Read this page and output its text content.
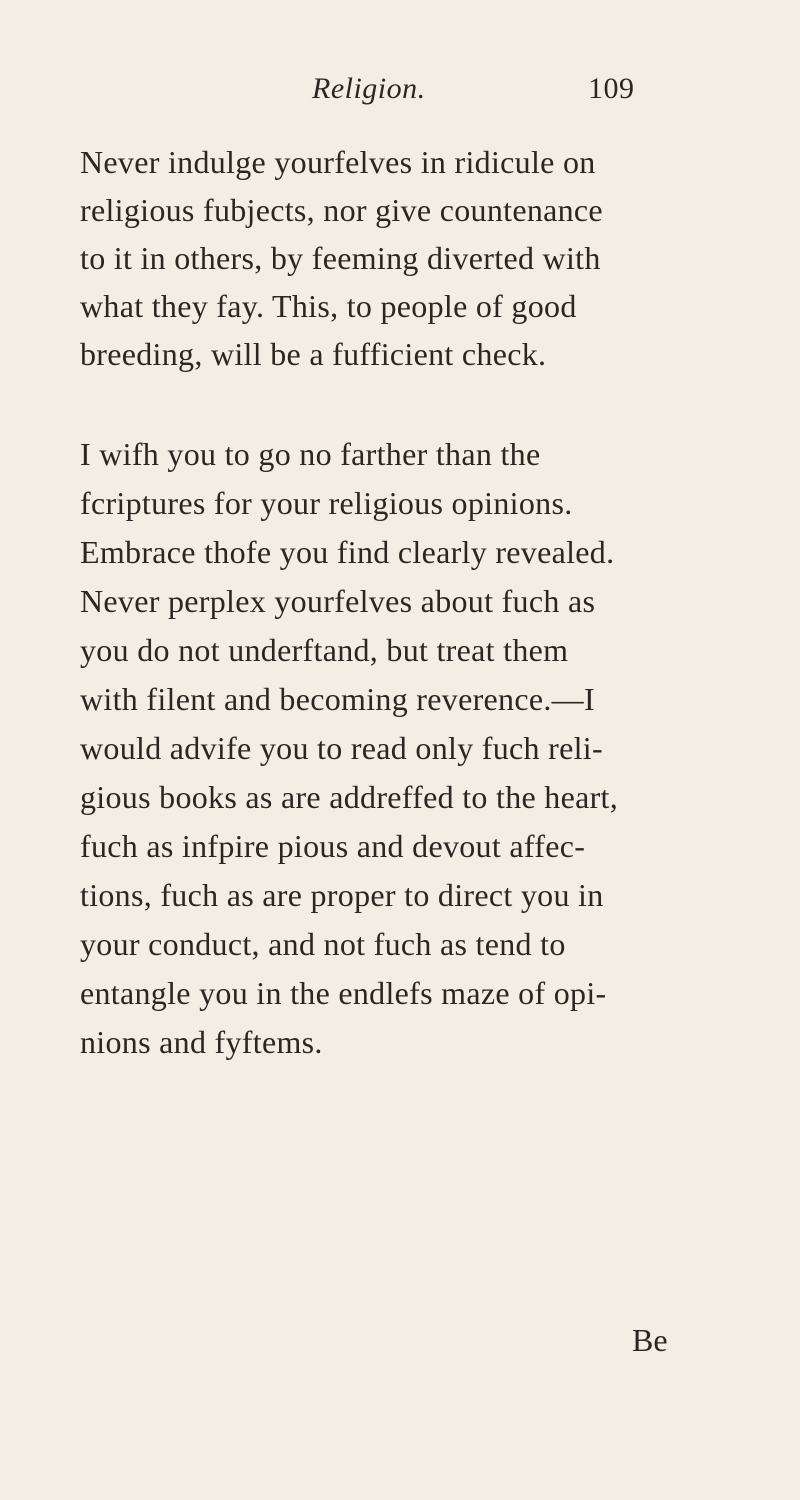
Religion.	109
Never indulge yourfelves in ridicule on
religious fubjects, nor give countenance
to it in others, by feeming diverted with
what they fay. This, to people of good
breeding, will be a fufficient check.
I wifh you to go no farther than the
fcriptures for your religious opinions.
Embrace thofe you find clearly revealed.
Never perplex yourfelves about fuch as
you do not underftand, but treat them
with filent and becoming reverence.—I
would advife you to read only fuch reli-
gious books as are addreffed to the heart,
fuch as infpire pious and devout affec-
tions, fuch as are proper to direct you in
your conduct, and not fuch as tend to
entangle you in the endlefs maze of opi-
nions and fyftems.
Be
